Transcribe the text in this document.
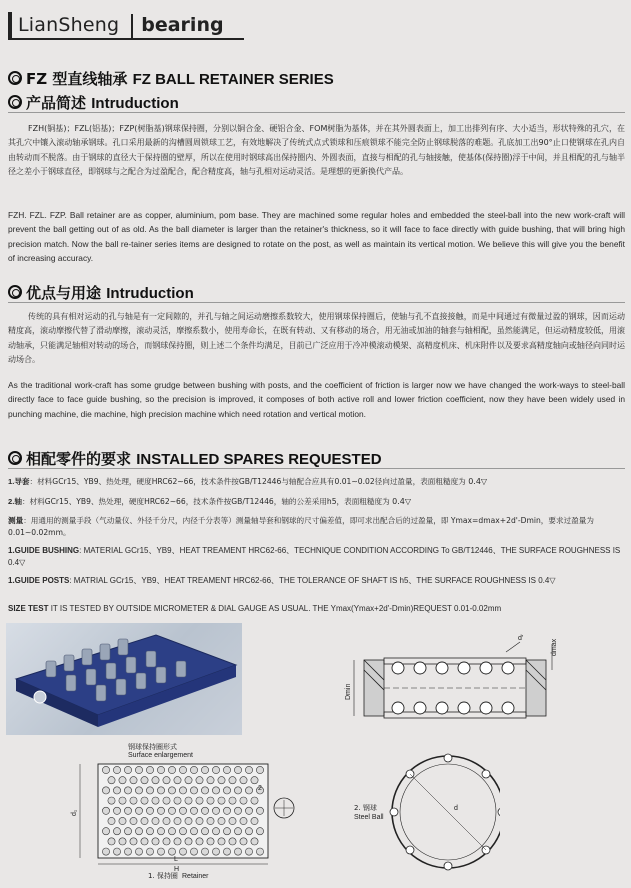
LianSheng bearing
FZ 型直线轴承 FZ BALL RETAINER SERIES
产品简述 Intruduction

FZH(铜基)；FZL(铝基)；FZP(树脂基)钢球保持圈，分别以铜合金、硬铝合金、FOM树脂为基体，并在其外圆表面上，加工出排列有序、大小适当，形状特殊的孔穴，在其孔穴中镶入滚动轴承钢球。孔口采用最新的沟槽圆周锁球工艺，有效地解决了传统式点式锁球和压痕锁球不能完全防止钢球脱落的难题。孔底加工出90°止口使钢球在孔内自由转动而不脱落。由于钢球的直径大于保持圈的壁厚，所以在使用时钢球高出保持圈内、外圆表面，直接与相配的孔与轴接触，使基体(保持圈)浮于中间，并且相配的孔与轴半径之差小于钢球直径，即钢球与之配合为过盈配合，配合精度高，轴与孔相对运动灵活。是理想的更新换代产品。

FZH. FZL. FZP. Ball retainer are as copper, aluminium, pom base. They are machined some regular holes and embedded the steel-ball into the new work-craft will prevent the ball getting out of as old. As the ball diameter is larger than the retainer's thickness, so it will face to face directly with guide bushing, that will bring high precision match. Now the ball re-tainer series items are designed to rotate on the post, as well as maintain its vertical motion. We believe this will give you the benefit of increasing accuracy.

优点与用途 Intruduction

传统的具有相对运动的孔与轴是有一定间隙的，并孔与轴之间运动磨擦系数较大，使用钢球保持圈后，使轴与孔不直接接触，而是中间通过有微量过盈的钢球，因而运动精度高，滚动摩擦代替了滑动摩擦，滚动灵活，摩擦系数小，使用寿命长，在既有转动、又有移动的场合，用无油或加油的轴套与轴相配，虽然能满足，但运动精度较低，用滚动轴承，只能满足轴相对转动的场合，而钢球保持圈，则上述二个条件均满足，目前已广泛应用于冷冲模滚动模架、高精度机床、机床附件以及要求高精度轴向或轴径向同时运动场合。

As the traditional work-craft has some grudge between bushing with posts, and the coefficient of friction is larger now we have changed the work-ways to steel-ball directly face to face guide bushing, so the precision is improved, it composes of both active roll and lower friction coefficient, now they have been widely used in punching machine, die machine, high precision machine which need rotation and vertical motion.

相配零件的要求 INSTALLED SPARES REQUESTED
1.导套：材料GCr15、YB9、热处理，硬度HRC62~66，技术条件按GB/T12446与轴配合应具有0.01~0.02径向过盈量，表面粗糙度为 0.4▽
2.轴：材料GCr15、YB9、热处理，硬度HRC62~66，技术条件按GB/T12446，轴的公差采用h5，表面粗糙度为 0.4▽
测量：用通用的测量手段（气动量仪、外径千分尺，内径千分表等）测量轴导套和钢球的尺寸偏差值，即可求出配合后的过盈量，即 Ymax=dmax+2d'-Dmin，要求过盈量为0.01~0.02mm。
1.GUIDE BUSHING: MATERIAL GCr15、YB9、HEAT TREAMENT HRC62-66、TECHNIQUE CONDITION ACCORDING To GB/T12446、THE SURFACE ROUGHNESS IS 0.4▽
1.GUIDE POSTS: MATRIAL GCr15、YB9、HEAT TREAMENT HRC62-66、THE TOLERANCE OF SHAFT IS h5、THE SURFACE ROUGHNESS IS 0.4▽
SIZE TEST IT IS TESTED BY OUTSIDE MICROMETER & DIAL GAUGE AS USUAL. THE Ymax(Ymax+2d'-Dmin)REQUEST 0.01-0.02mm
Dmin
dmax
d'
钢球保持圈形式
Surface enlargement
d₁
L
H
1. 保持圈 Retainer
2
d
2. 钢球
Steel Ball
